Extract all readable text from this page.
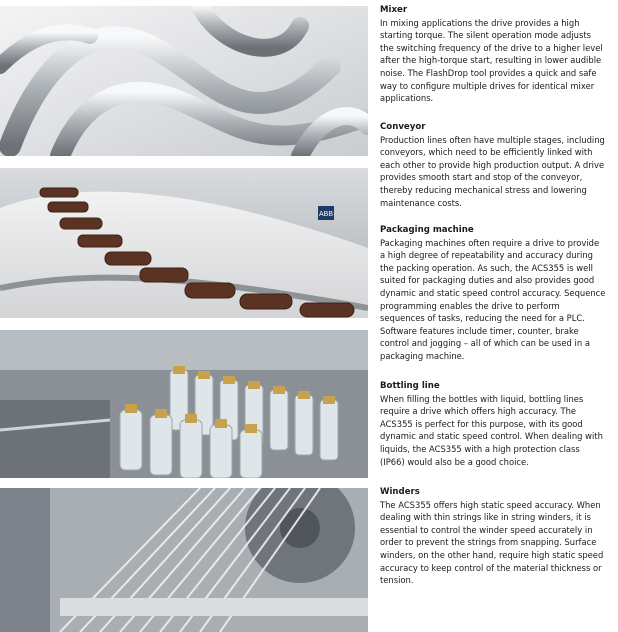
ABB
Mixer

In mixing applications the drive provides a high starting torque. The silent operation mode adjusts the switching frequency of the drive to a higher level after the high-torque start, resulting in lower audible noise. The FlashDrop tool provides a quick and safe way to configure multiple drives for identical mixer applications.

Conveyor

Production lines often have multiple stages, including conveyors, which need to be efficiently linked with each other to provide high production output. A drive provides smooth start and stop of the conveyor, thereby reducing mechanical stress and lowering maintenance costs.

Packaging machine

Packaging machines often require a drive to provide a high degree of repeatability and accuracy during the packing operation. As such, the ACS355 is well suited for packaging duties and also provides good dynamic and static speed control accuracy. Sequence programming enables the drive to perform sequences of tasks, reducing the need for a PLC. Software features include timer, counter, brake control and jogging – all of which can be used in a packaging machine.

Bottling line

When filling the bottles with liquid, bottling lines require a drive which offers high accuracy. The ACS355 is perfect for this purpose, with its good dynamic and static speed control. When dealing with liquids, the ACS355 with a high protection class (IP66) would also be a good choice.

Winders

The ACS355 offers high static speed accuracy. When dealing with thin strings like in string winders, it is essential to control the winder speed accurately in order to prevent the strings from snapping. Surface winders, on the other hand, require high static speed accuracy to keep control of the material thickness or tension.
